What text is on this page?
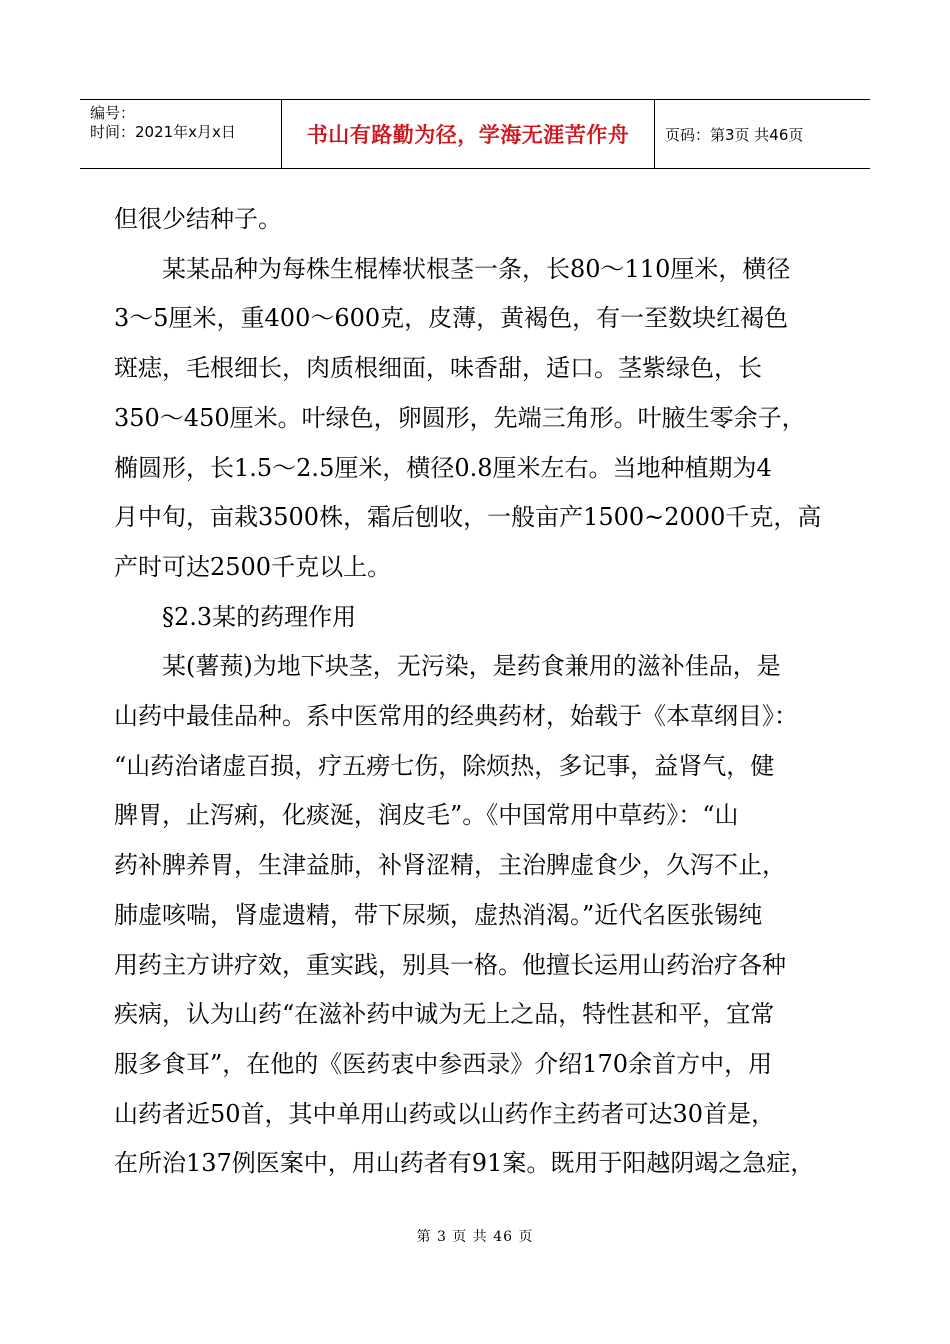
编号：
时间：2021年x月x日	书山有路勤为径，学海无涯苦作舟	页码：第3页 共46页

但很少结种子。

　　某某品种为每株生棍棒状根茎一条，长80～110厘米，横径

3～5厘米，重400～600克，皮薄，黄褐色，有一至数块红褐色

斑痣，毛根细长，肉质根细面，味香甜，适口。茎紫绿色，长

350～450厘米。叶绿色，卵圆形，先端三角形。叶腋生零余子，

椭圆形，长1.5～2.5厘米，横径0.8厘米左右。当地种植期为4

月中旬，亩栽3500株，霜后刨收，一般亩产1500~2000千克，高

产时可达2500千克以上。

　　§2.3某的药理作用

　　某(薯蓣)为地下块茎，无污染，是药食兼用的滋补佳品，是

山药中最佳品种。系中医常用的经典药材，始载于《本草纲目》：

“山药治诸虚百损，疗五痨七伤，除烦热，多记事，益肾气，健

脾胃，止泻痢，化痰涎，润皮毛”。《中国常用中草药》：“山

药补脾养胃，生津益肺，补肾涩精，主治脾虚食少，久泻不止，

肺虚咳喘，肾虚遗精，带下尿频，虚热消渴。”近代名医张锡纯

用药主方讲疗效，重实践，别具一格。他擅长运用山药治疗各种

疾病，认为山药“在滋补药中诚为无上之品，特性甚和平，宜常

服多食耳”，在他的《医药衷中参西录》介绍170余首方中，用

山药者近50首，其中单用山药或以山药作主药者可达30首是，

在所治137例医案中，用山药者有91案。既用于阳越阴竭之急症，

第 3 页 共 46 页
